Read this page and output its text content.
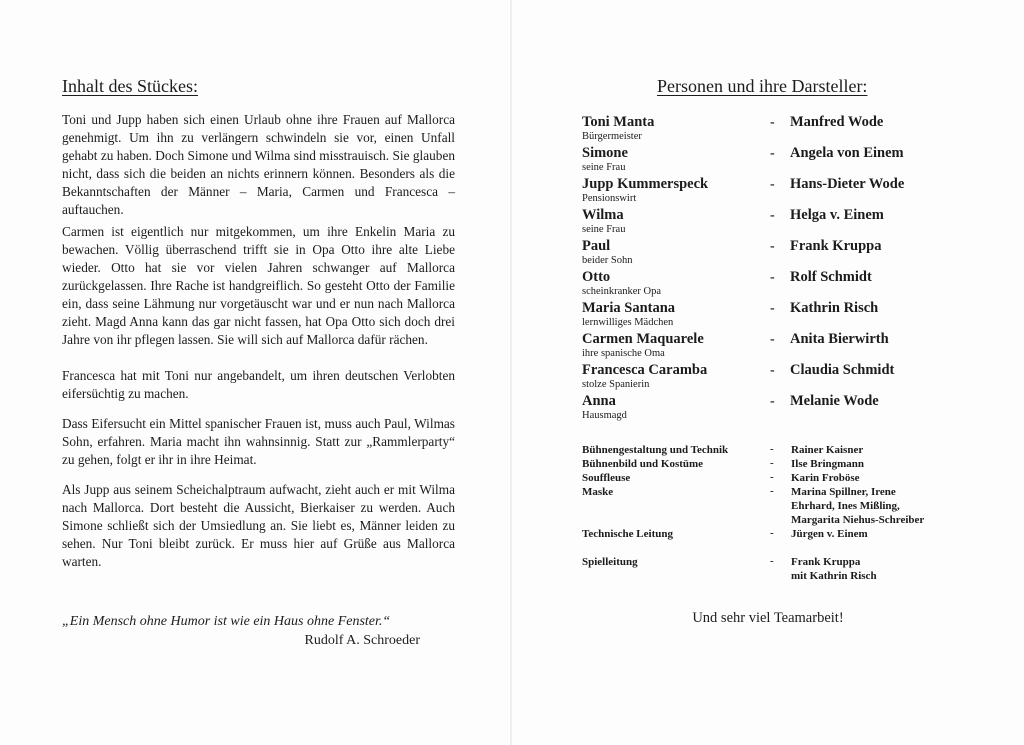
Inhalt des Stückes:
Toni und Jupp haben sich einen Urlaub ohne ihre Frauen auf Mallorca genehmigt. Um ihn zu verlängern schwindeln sie vor, einen Unfall gehabt zu haben. Doch Simone und Wilma sind misstrauisch. Sie glauben nicht, dass sich die beiden an nichts erinnern können. Besonders als die Bekanntschaften der Männer – Maria, Carmen und Francesca – auftauchen.
Carmen ist eigentlich nur mitgekommen, um ihre Enkelin Maria zu bewachen. Völlig überraschend trifft sie in Opa Otto ihre alte Liebe wieder. Otto hat sie vor vielen Jahren schwanger auf Mallorca zurückgelassen. Ihre Rache ist handgreiflich. So gesteht Otto der Familie ein, dass seine Lähmung nur vorgetäuscht war und er nun nach Mallorca zieht. Magd Anna kann das gar nicht fassen, hat Opa Otto sich doch drei Jahre von ihr pflegen lassen. Sie will sich auf Mallorca dafür rächen.
Francesca hat mit Toni nur angebandelt, um ihren deutschen Verlobten eifersüchtig zu machen.
Dass Eifersucht ein Mittel spanischer Frauen ist, muss auch Paul, Wilmas Sohn, erfahren. Maria macht ihn wahnsinnig. Statt zur „Rammlerparty“ zu gehen, folgt er ihr in ihre Heimat.
Als Jupp aus seinem Scheichalptraum aufwacht, zieht auch er mit Wilma nach Mallorca. Dort besteht die Aussicht, Bierkaiser zu werden. Auch Simone schließt sich der Umsiedlung an. Sie liebt es, Männer leiden zu sehen. Nur Toni bleibt zurück. Er muss hier auf Grüße aus Mallorca warten.
„Ein Mensch ohne Humor ist wie ein Haus ohne Fenster.“
Rudolf A. Schroeder
Personen und ihre Darsteller:
Toni Manta
Bürgermeister
- Manfred Wode
Simone
seine Frau
- Angela von Einem
Jupp Kummerspeck
Pensionswirt
- Hans-Dieter Wode
Wilma
seine Frau
- Helga v. Einem
Paul
beider Sohn
- Frank Kruppa
Otto
scheinkranker Opa
- Rolf Schmidt
Maria Santana
lernwilliges Mädchen
- Kathrin Risch
Carmen Maquarele
ihre spanische Oma
- Anita Bierwirth
Francesca Caramba
stolze Spanierin
- Claudia Schmidt
Anna
Hausmagd
- Melanie Wode
Bühnengestaltung und Technik	- Rainer Kaisner
Bühnenbild und Kostüme	- Ilse Bringmann
Souffleuse	- Karin Froböse
Maske	- Marina Spillner, Irene
Ehrhard, Ines Mißling,
Margarita Niehus-Schreiber
Technische Leitung	- Jürgen v. Einem
Spielleitung	- Frank Kruppa
mit Kathrin Risch
Und sehr viel Teamarbeit!
